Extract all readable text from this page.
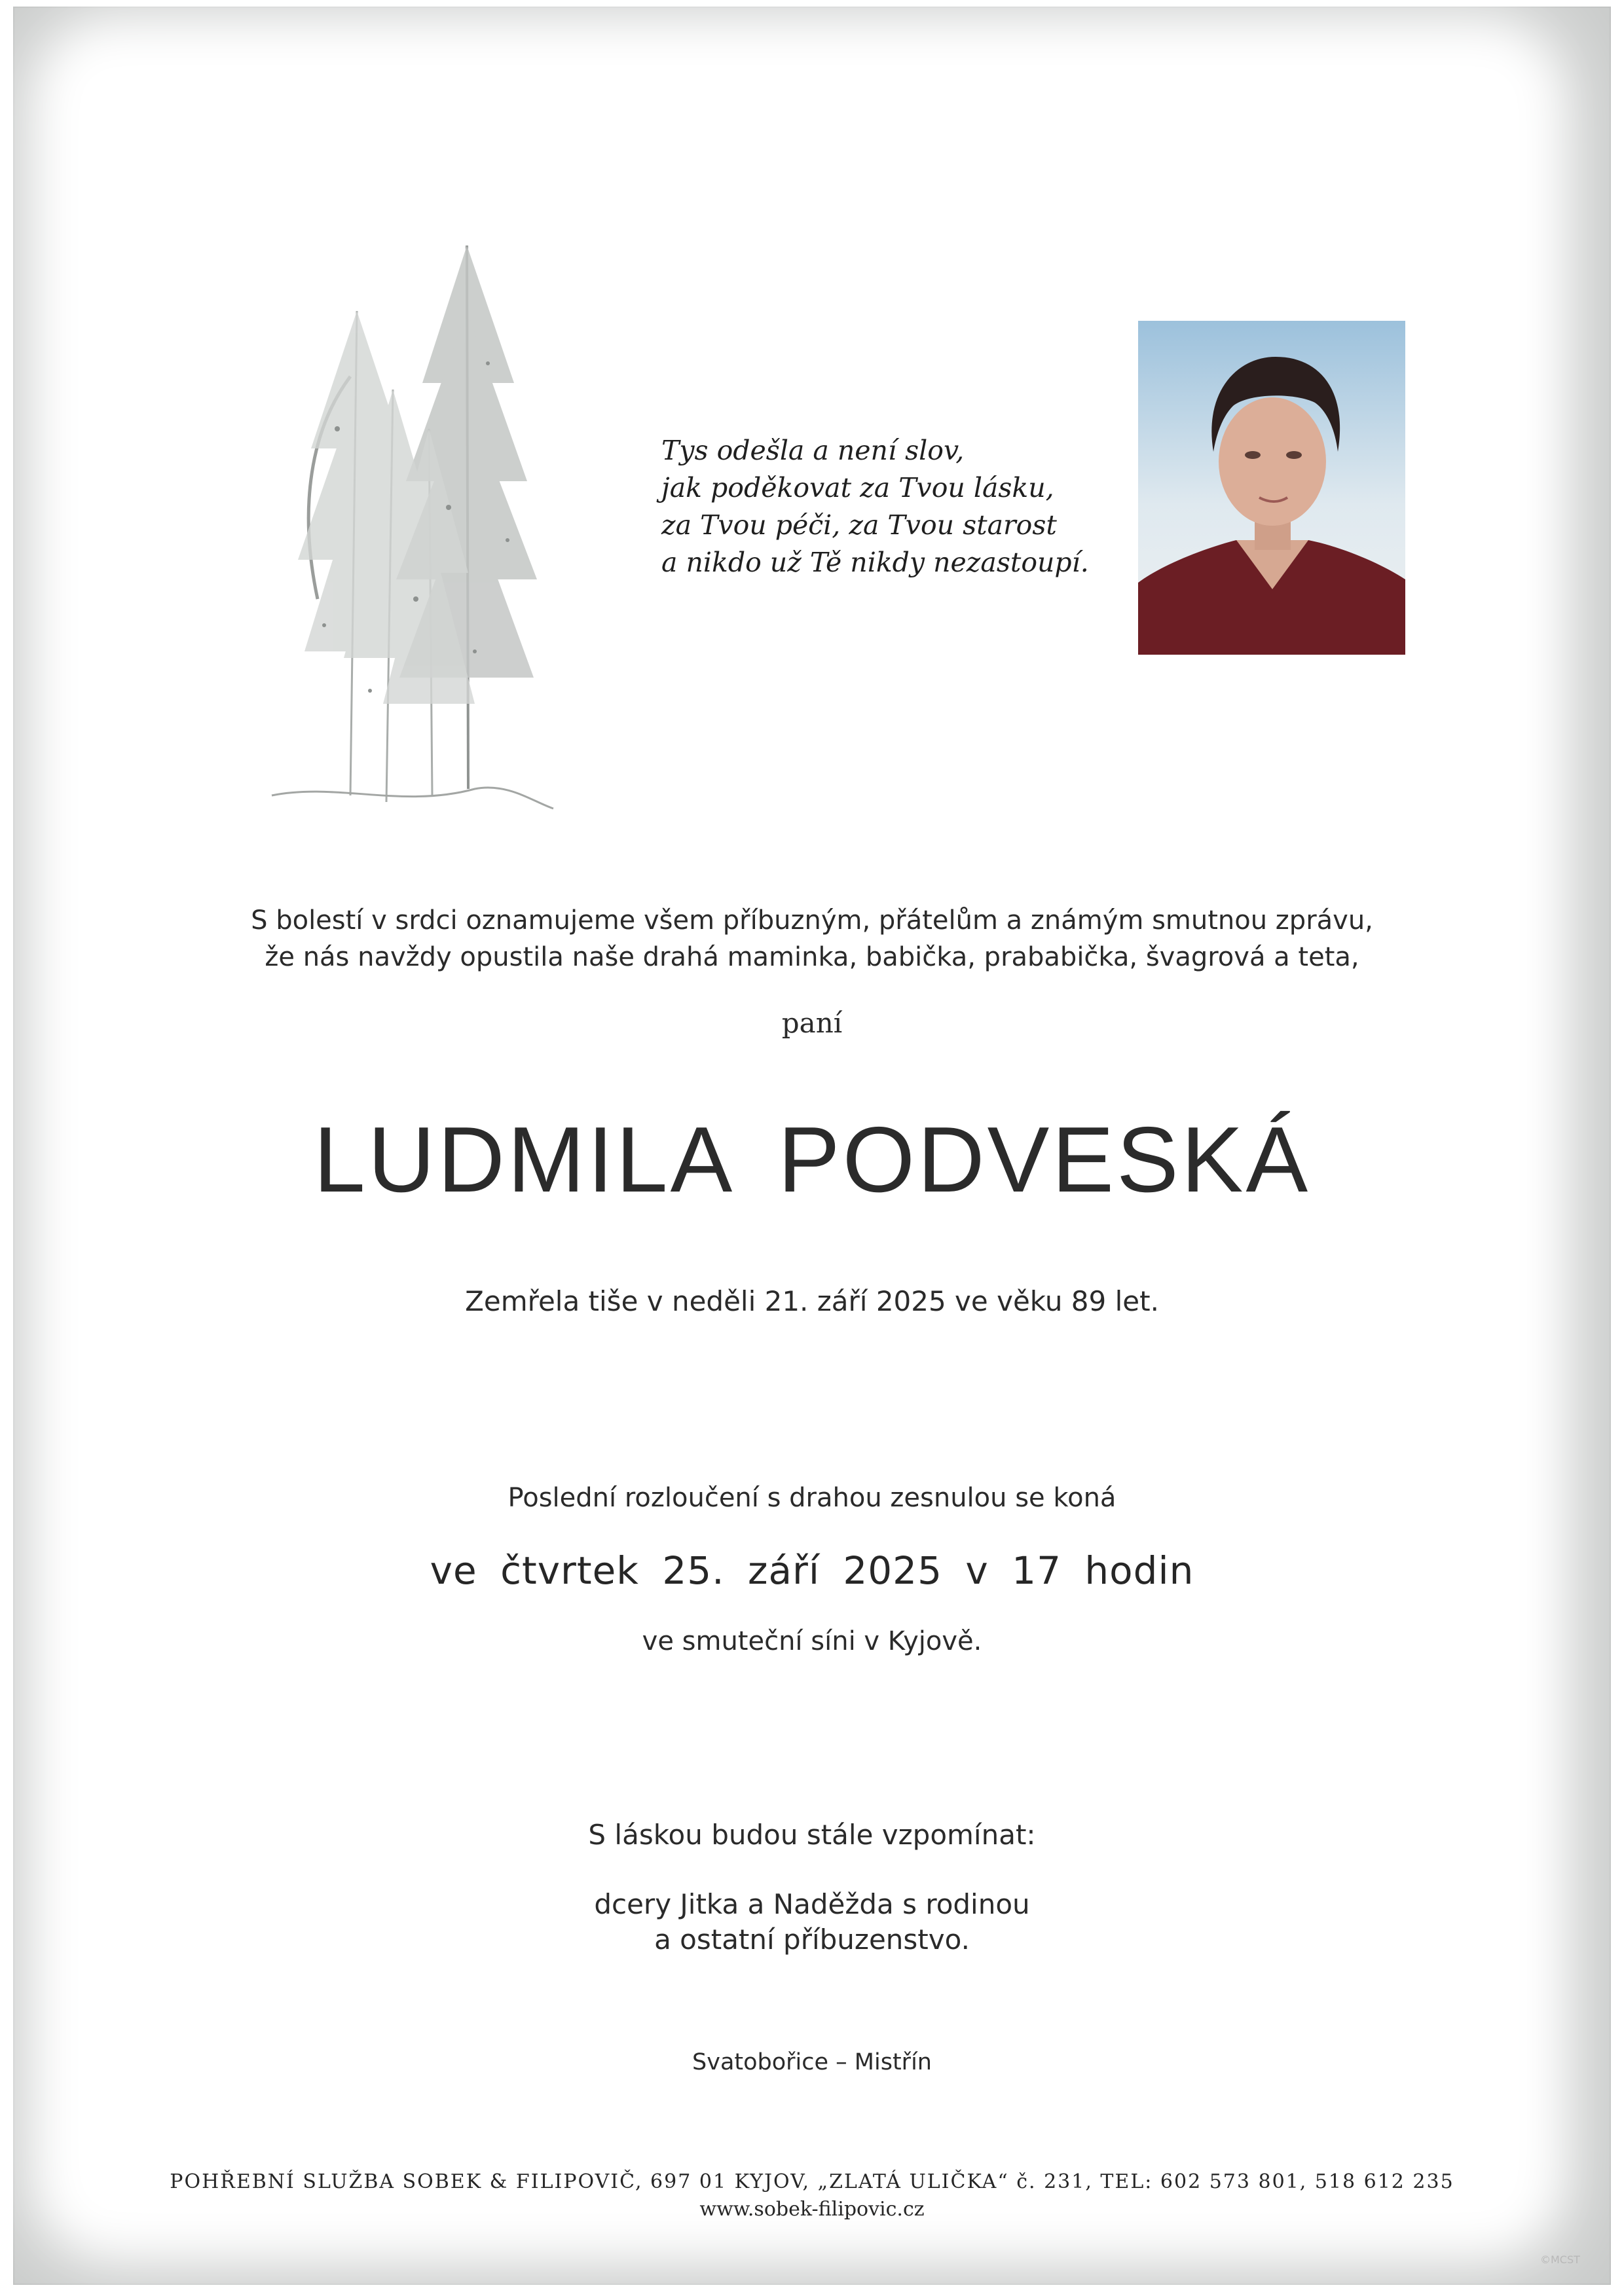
Tys odešla a není slov,
jak poděkovat za Tvou lásku,
za Tvou péči, za Tvou starost
a nikdo už Tě nikdy nezastoupí.
S bolestí v srdci oznamujeme všem příbuzným, přátelům a známým smutnou zprávu,
že nás navždy opustila naše drahá maminka, babička, prababička, švagrová a teta,
paní
LUDMILA PODVESKÁ
Zemřela tiše v neděli 21. září 2025 ve věku 89 let.
Poslední rozloučení s drahou zesnulou se koná
ve čtvrtek 25. září 2025 v 17 hodin
ve smuteční síni v Kyjově.
S láskou budou stále vzpomínat:
dcery Jitka a Naděžda s rodinou
a ostatní příbuzenstvo.
Svatobořice – Mistřín
POHŘEBNÍ SLUŽBA SOBEK & FILIPOVIČ, 697 01 KYJOV, „ZLATÁ ULIČKA“ č. 231, TEL: 602 573 801, 518 612 235
www.sobek-filipovic.cz
©MCST
